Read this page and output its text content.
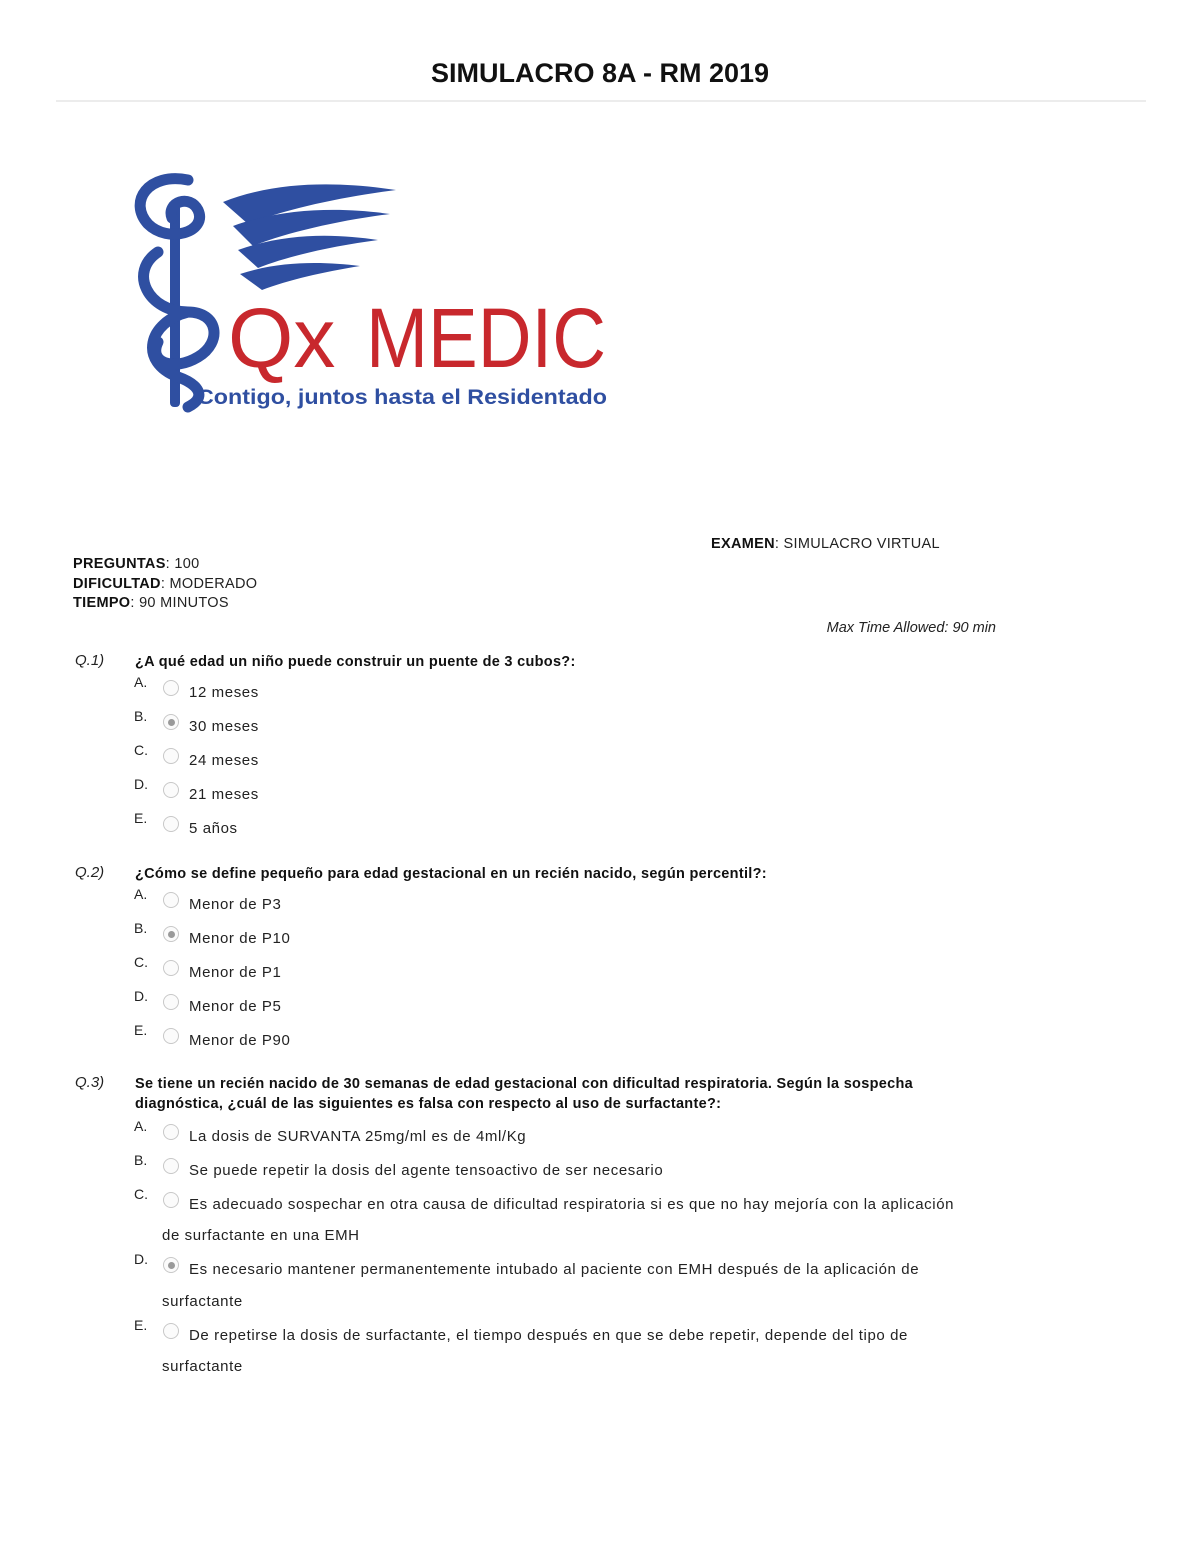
SIMULACRO 8A - RM 2019
Qx MEDIC
Contigo, juntos hasta el Residentado
EXAMEN: SIMULACRO VIRTUAL
PREGUNTAS: 100
DIFICULTAD: MODERADO
TIEMPO: 90 MINUTOS
Max Time Allowed: 90 min
Q.1) ¿A qué edad un niño puede construir un puente de 3 cubos?:
A.
12 meses
B.
30 meses
C.
24 meses
D.
21 meses
E.
5 años
Q.2) ¿Cómo se define pequeño para edad gestacional en un recién nacido, según percentil?:
A.
Menor de P3
B.
Menor de P10
C.
Menor de P1
D.
Menor de P5
E.
Menor de P90
Q.3) Se tiene un recién nacido de 30 semanas de edad gestacional con dificultad respiratoria. Según la sospecha
diagnóstica, ¿cuál de las siguientes es falsa con respecto al uso de surfactante?:
A.
La dosis de SURVANTA 25mg/ml es de 4ml/Kg
B.
Se puede repetir la dosis del agente tensoactivo de ser necesario
C.
Es adecuado sospechar en otra causa de dificultad respiratoria si es que no hay mejoría con la aplicación
de surfactante en una EMH
D.
Es necesario mantener permanentemente intubado al paciente con EMH después de la aplicación de
surfactante
E.
De repetirse la dosis de surfactante, el tiempo después en que se debe repetir, depende del tipo de
surfactante
